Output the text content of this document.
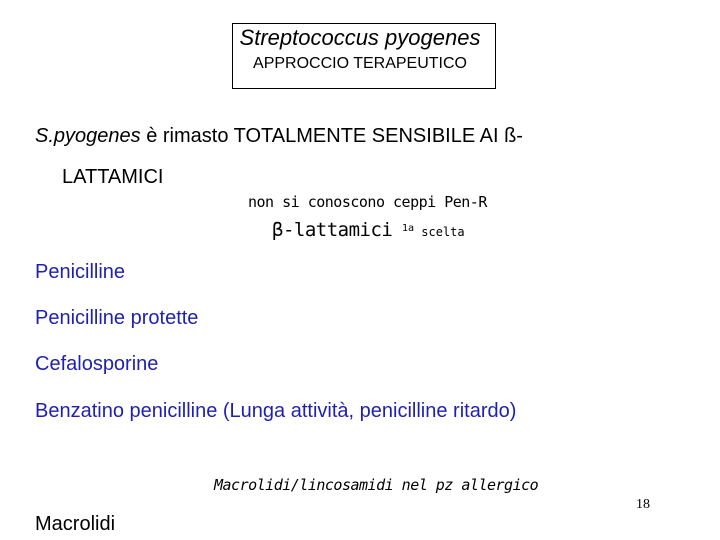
Streptococcus pyogenes
APPROCCIO TERAPEUTICO
S.pyogenes è rimasto TOTALMENTE SENSIBILE AI ß-
LATTAMICI
non si conoscono ceppi Pen-R
β-lattamici $^{1a}$ scelta
Penicilline
Penicilline protette
Cefalosporine
Benzatino penicilline (Lunga attività, penicilline ritardo)
Macrolidi/lincosamidi nel pz allergico
18
Macrolidi
